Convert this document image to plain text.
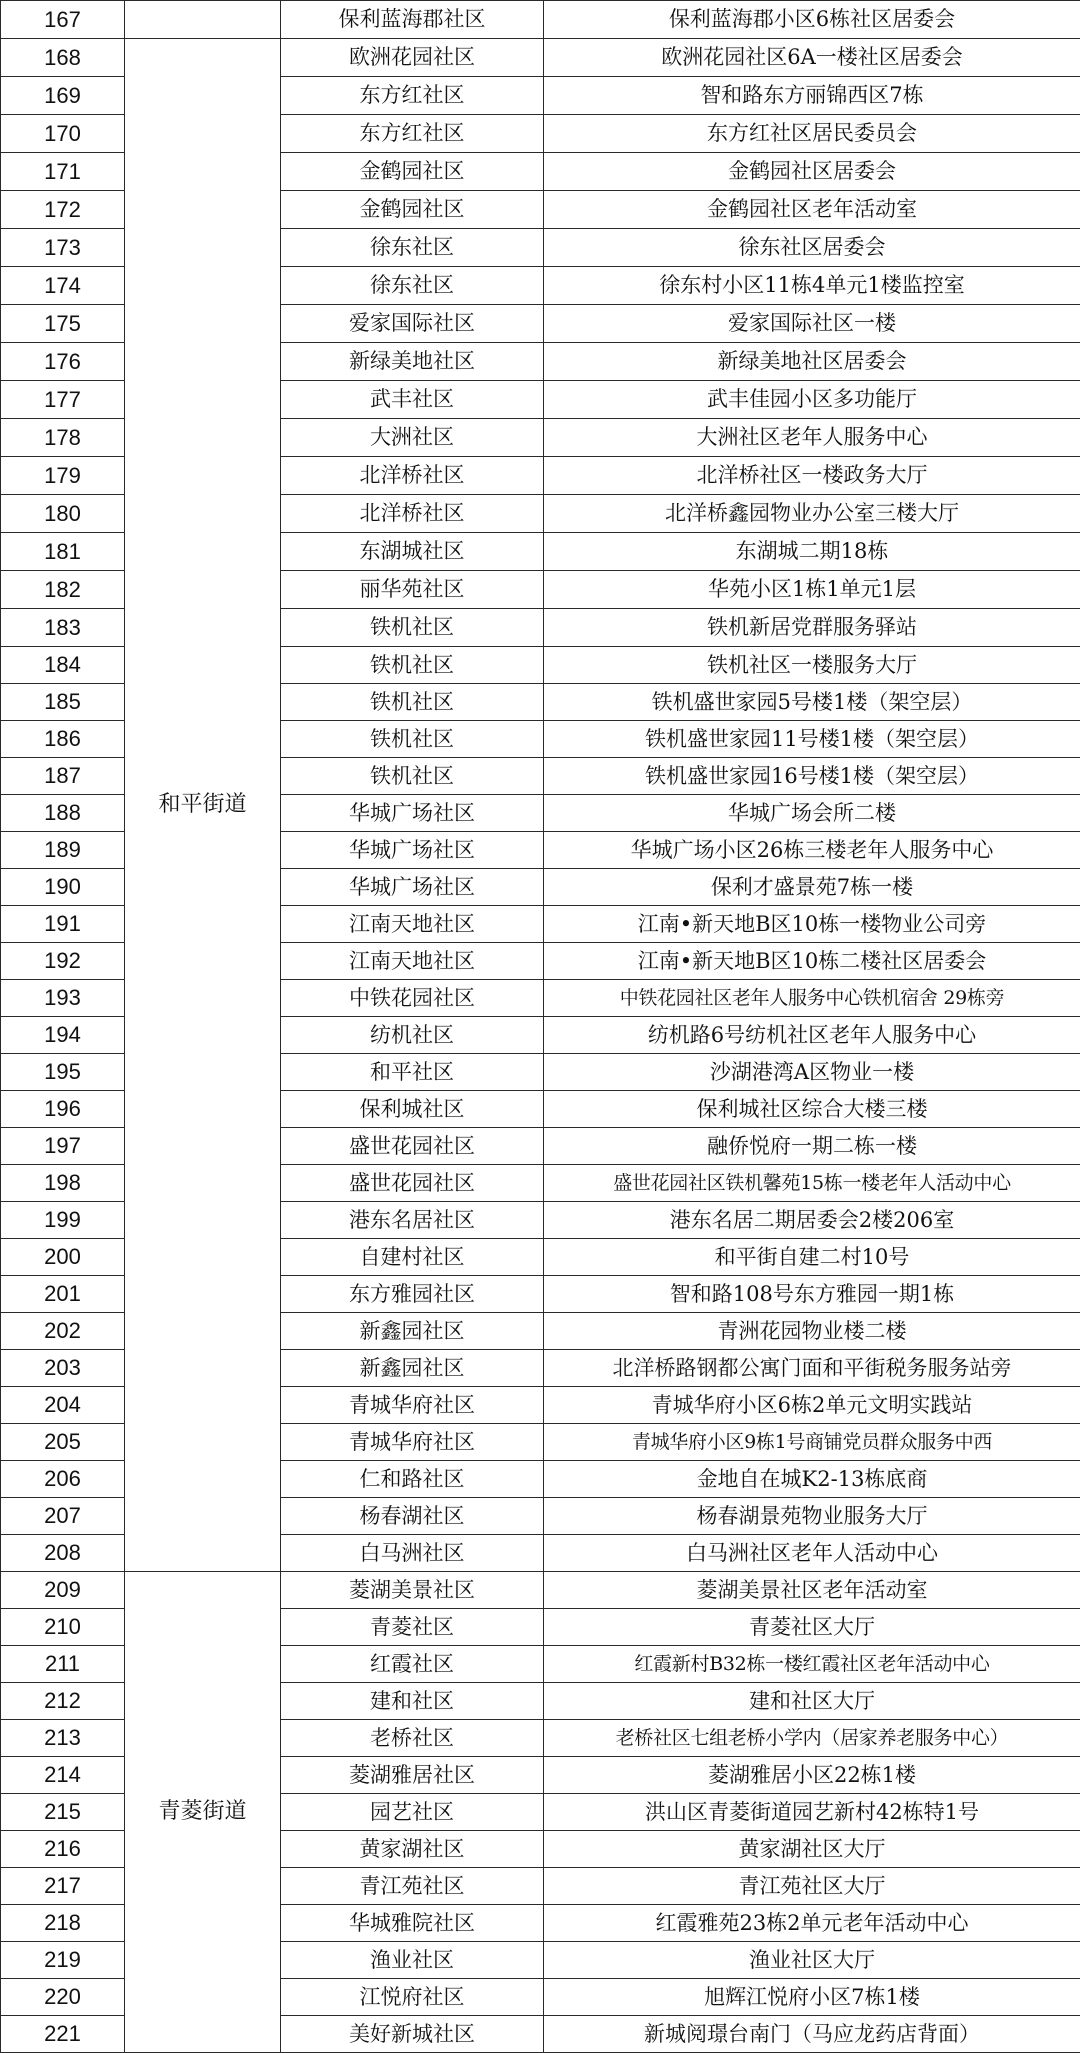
167		保利蓝海郡社区	保利蓝海郡小区6栋社区居委会
168	和平街道	欧洲花园社区	欧洲花园社区6A一楼社区居委会
169		东方红社区	智和路东方丽锦西区7栋
170		东方红社区	东方红社区居民委员会
171		金鹤园社区	金鹤园社区居委会
172		金鹤园社区	金鹤园社区老年活动室
173		徐东社区	徐东社区居委会
174		徐东社区	徐东村小区11栋4单元1楼监控室
175		爱家国际社区	爱家国际社区一楼
176		新绿美地社区	新绿美地社区居委会
177		武丰社区	武丰佳园小区多功能厅
178		大洲社区	大洲社区老年人服务中心
179		北洋桥社区	北洋桥社区一楼政务大厅
180		北洋桥社区	北洋桥鑫园物业办公室三楼大厅
181		东湖城社区	东湖城二期18栋
182		丽华苑社区	华苑小区1栋1单元1层
183		铁机社区	铁机新居党群服务驿站
184		铁机社区	铁机社区一楼服务大厅
185		铁机社区	铁机盛世家园5号楼1楼（架空层）
186		铁机社区	铁机盛世家园11号楼1楼（架空层）
187		铁机社区	铁机盛世家园16号楼1楼（架空层）
188		华城广场社区	华城广场会所二楼
189		华城广场社区	华城广场小区26栋三楼老年人服务中心
190		华城广场社区	保利才盛景苑7栋一楼
191		江南天地社区	江南•新天地B区10栋一楼物业公司旁
192		江南天地社区	江南•新天地B区10栋二楼社区居委会
193		中铁花园社区	中铁花园社区老年人服务中心铁机宿舍 29栋旁
194		纺机社区	纺机路6号纺机社区老年人服务中心
195		和平社区	沙湖港湾A区物业一楼
196		保利城社区	保利城社区综合大楼三楼
197		盛世花园社区	融侨悦府一期二栋一楼
198		盛世花园社区	盛世花园社区铁机馨苑15栋一楼老年人活动中心
199		港东名居社区	港东名居二期居委会2楼206室
200		自建村社区	和平街自建二村10号
201		东方雅园社区	智和路108号东方雅园一期1栋
202		新鑫园社区	青洲花园物业楼二楼
203		新鑫园社区	北洋桥路钢都公寓门面和平街税务服务站旁
204		青城华府社区	青城华府小区6栋2单元文明实践站
205		青城华府社区	青城华府小区9栋1号商铺党员群众服务中西
206		仁和路社区	金地自在城K2-13栋底商
207		杨春湖社区	杨春湖景苑物业服务大厅
208		白马洲社区	白马洲社区老年人活动中心
209	青菱街道	菱湖美景社区	菱湖美景社区老年活动室
210		青菱社区	青菱社区大厅
211		红霞社区	红霞新村B32栋一楼红霞社区老年活动中心
212		建和社区	建和社区大厅
213		老桥社区	老桥社区七组老桥小学内（居家养老服务中心）
214		菱湖雅居社区	菱湖雅居小区22栋1楼
215		园艺社区	洪山区青菱街道园艺新村42栋特1号
216		黄家湖社区	黄家湖社区大厅
217		青江苑社区	青江苑社区大厅
218		华城雅院社区	红霞雅苑23栋2单元老年活动中心
219		渔业社区	渔业社区大厅
220		江悦府社区	旭辉江悦府小区7栋1楼
221		美好新城社区	新城阅璟台南门（马应龙药店背面）
